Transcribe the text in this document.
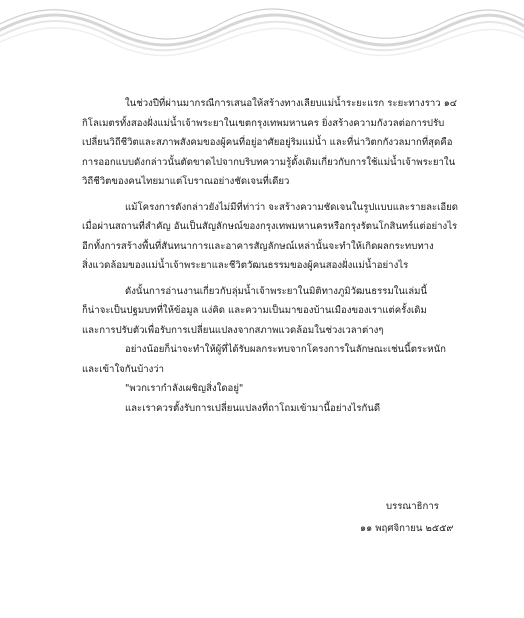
ในช่วงปีที่ผ่านมากรณีการเสนอให้สร้างทางเลียบแม่น้ำระยะแรก ระยะทางราว ๑๔
กิโลเมตรทั้งสองฝั่งแม่น้ำเจ้าพระยาในเขตกรุงเทพมหานคร ยิ่งสร้างความกังวลต่อการปรับ
เปลี่ยนวิถีชีวิตและสภาพสังคมของผู้คนที่อยู่อาศัยอยู่ริมแม่น้ำ และที่น่าวิตกกังวลมากที่สุดคือ
การออกแบบดังกล่าวนั้นตัดขาดไปจากบริบทความรู้ดั้งเดิมเกี่ยวกับการใช้แม่น้ำเจ้าพระยาใน
วิถีชีวิตของคนไทยมาแต่โบราณอย่างชัดเจนที่เดียว
แม้โครงการดังกล่าวยังไม่มีที่ท่าว่า จะสร้างความชัดเจนในรูปแบบและรายละเอียด
เมื่อผ่านสถานที่สำคัญ อันเป็นสัญลักษณ์ของกรุงเทพมหานครหรือกรุงรัตนโกสินทร์แต่อย่างไร
อีกทั้งการสร้างพื้นที่สันทนาการและอาคารสัญลักษณ์เหล่านั้นจะทำให้เกิดผลกระทบทาง
สิ่งแวดล้อมของแม่น้ำเจ้าพระยาและชีวิตวัฒนธรรมของผู้คนสองฝั่งแม่น้ำอย่างไร
ดังนั้นการอ่านงานเกี่ยวกับลุ่มน้ำเจ้าพระยาในมิติทางภูมิวัฒนธรรมในเล่มนี้
ก็น่าจะเป็นปฐมบทที่ให้ข้อมูล แง่คิด และความเป็นมาของบ้านเมืองของเราแต่ครั้งเดิม
และการปรับตัวเพื่อรับการเปลี่ยนแปลงจากสภาพแวดล้อมในช่วงเวลาต่างๆ
อย่างน้อยก็น่าจะทำให้ผู้ที่ได้รับผลกระทบจากโครงการในลักษณะเช่นนี้ตระหนัก
และเข้าใจกันบ้างว่า
"พวกเรากำลังเผชิญสิ่งใดอยู่"
และเราควรตั้งรับการเปลี่ยนแปลงที่ถาโถมเข้ามานี้อย่างไรกันดี
บรรณาธิการ
๑๑ พฤศจิกายน ๒๕๕๙
